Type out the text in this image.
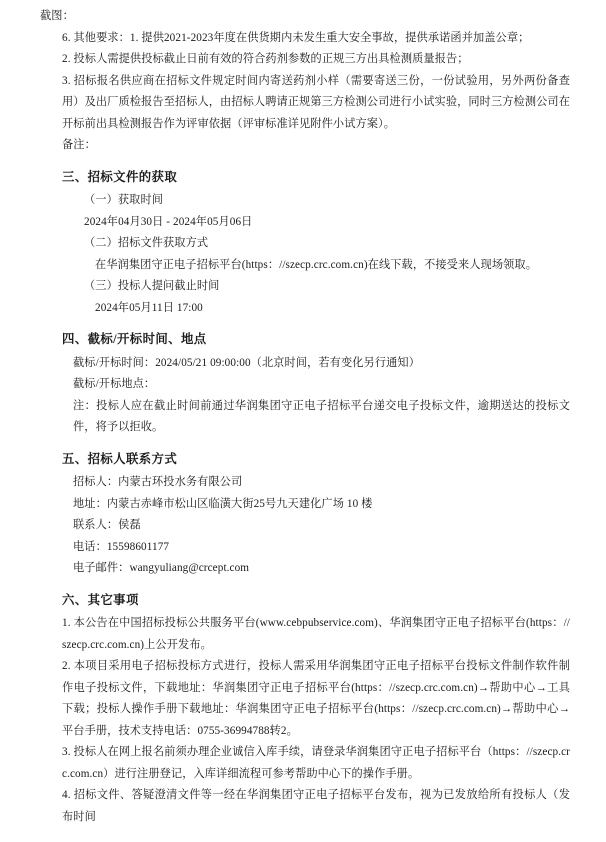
截图：
6. 其他要求：1. 提供2021-2023年度在供货期内未发生重大安全事故，提供承诺函并加盖公章；
2. 投标人需提供投标截止日前有效的符合药剂参数的正规三方出具检测质量报告；
3. 招标报名供应商在招标文件规定时间内寄送药剂小样（需要寄送三份，一份试验用，另外两份备查用）及出厂质检报告至招标人，由招标人聘请正规第三方检测公司进行小试实验，同时三方检测公司在开标前出具检测报告作为评审依据（评审标准详见附件小试方案）。
备注：
三、招标文件的获取
（一）获取时间
2024年04月30日 - 2024年05月06日
（二）招标文件获取方式
在华润集团守正电子招标平台(https：//szecp.crc.com.cn)在线下载，不接受来人现场领取。
（三）投标人提问截止时间
2024年05月11日 17:00
四、截标/开标时间、地点
截标/开标时间：2024/05/21 09:00:00（北京时间，若有变化另行通知）
截标/开标地点：
注：投标人应在截止时间前通过华润集团守正电子招标平台递交电子投标文件，逾期送达的投标文件，将予以拒收。
五、招标人联系方式
招标人：内蒙古环投水务有限公司
地址：内蒙古赤峰市松山区临潢大街25号九天建化广场 10 楼
联系人：侯磊
电话：15598601177
电子邮件：wangyuliang@crcept.com
六、其它事项
1. 本公告在中国招标投标公共服务平台(www.cebpubservice.com)、华润集团守正电子招标平台(https：//szecp.crc.com.cn)上公开发布。
2. 本项目采用电子招标投标方式进行，投标人需采用华润集团守正电子招标平台投标文件制作软件制作电子投标文件，下载地址：华润集团守正电子招标平台(https：//szecp.crc.com.cn)→帮助中心→工具下载；投标人操作手册下载地址：华润集团守正电子招标平台(https：//szecp.crc.com.cn)→帮助中心→平台手册，技术支持电话：0755-36994788转2。
3. 投标人在网上报名前须办理企业诚信入库手续，请登录华润集团守正电子招标平台（https：//szecp.crc.com.cn）进行注册登记，入库详细流程可参考帮助中心下的操作手册。
4. 招标文件、答疑澄清文件等一经在华润集团守正电子招标平台发布，视为已发放给所有投标人（发布时间
